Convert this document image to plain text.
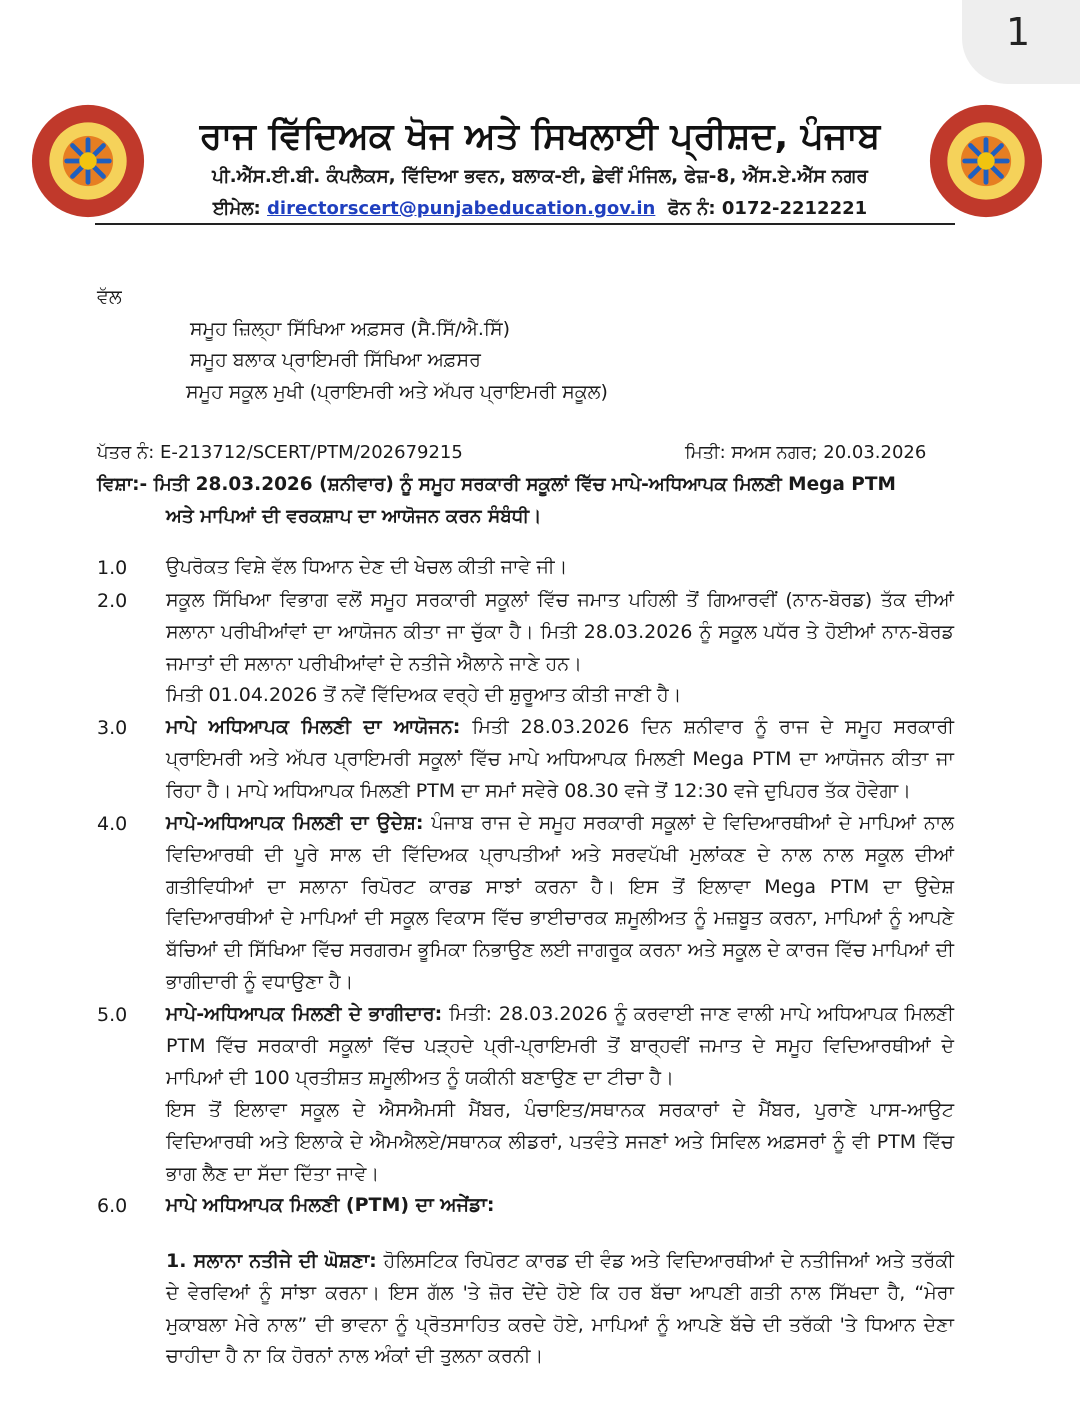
1
ਰਾਜ ਵਿੱਦਿਅਕ ਖੋਜ ਅਤੇ ਸਿਖਲਾਈ ਪ੍ਰੀਸ਼ਦ, ਪੰਜਾਬ
ਪੀ.ਐੱਸ.ਈ.ਬੀ. ਕੰਪਲੈਕਸ, ਵਿੱਦਿਆ ਭਵਨ, ਬਲਾਕ-ਈ, ਛੇਵੀਂ ਮੰਜਿਲ, ਫੇਜ਼-8, ਐੱਸ.ਏ.ਐੱਸ ਨਗਰ
ਈਮੇਲ: directorscert@punjabeducation.gov.in ਫੋਨ ਨੰ: 0172-2212221
ਵੱਲ
ਸਮੂਹ ਜ਼ਿਲ੍ਹਾ ਸਿੱਖਿਆ ਅਫ਼ਸਰ (ਸੈ.ਸਿੱ/ਐ.ਸਿੱ)
ਸਮੂਹ ਬਲਾਕ ਪ੍ਰਾਇਮਰੀ ਸਿੱਖਿਆ ਅਫ਼ਸਰ
ਸਮੂਹ ਸਕੂਲ ਮੁਖੀ (ਪ੍ਰਾਇਮਰੀ ਅਤੇ ਅੱਪਰ ਪ੍ਰਾਇਮਰੀ ਸਕੂਲ)
ਪੱਤਰ ਨੰ: E-213712/SCERT/PTM/202679215	ਮਿਤੀ: ਸਅਸ ਨਗਰ; 20.03.2026
ਵਿਸ਼ਾ:- ਮਿਤੀ 28.03.2026 (ਸ਼ਨੀਵਾਰ) ਨੂੰ ਸਮੂਹ ਸਰਕਾਰੀ ਸਕੂਲਾਂ ਵਿੱਚ ਮਾਪੇ-ਅਧਿਆਪਕ ਮਿਲਣੀ Mega PTM
ਅਤੇ ਮਾਪਿਆਂ ਦੀ ਵਰਕਸ਼ਾਪ ਦਾ ਆਯੋਜਨ ਕਰਨ ਸੰਬੰਧੀ।
1.0 ਉਪਰੋਕਤ ਵਿਸ਼ੇ ਵੱਲ ਧਿਆਨ ਦੇਣ ਦੀ ਖੇਚਲ ਕੀਤੀ ਜਾਵੇ ਜੀ।
2.0 ਸਕੂਲ ਸਿੱਖਿਆ ਵਿਭਾਗ ਵਲੋਂ ਸਮੂਹ ਸਰਕਾਰੀ ਸਕੂਲਾਂ ਵਿੱਚ ਜਮਾਤ ਪਹਿਲੀ ਤੋਂ ਗਿਆਰਵੀਂ (ਨਾਨ-ਬੋਰਡ) ਤੱਕ ਦੀਆਂ ਸਲਾਨਾ ਪਰੀਖੀਆਂਵਾਂ ਦਾ ਆਯੋਜਨ ਕੀਤਾ ਜਾ ਚੁੱਕਾ ਹੈ। ਮਿਤੀ 28.03.2026 ਨੂੰ ਸਕੂਲ ਪਧੱਰ ਤੇ ਹੋਈਆਂ ਨਾਨ-ਬੋਰਡ ਜਮਾਤਾਂ ਦੀ ਸਲਾਨਾ ਪਰੀਖੀਆਂਵਾਂ ਦੇ ਨਤੀਜੇ ਐਲਾਨੇ ਜਾਣੇ ਹਨ।
ਮਿਤੀ 01.04.2026 ਤੋਂ ਨਵੇਂ ਵਿੱਦਿਅਕ ਵਰ੍ਹੇ ਦੀ ਸ਼ੁਰੂਆਤ ਕੀਤੀ ਜਾਣੀ ਹੈ।
3.0 ਮਾਪੇ ਅਧਿਆਪਕ ਮਿਲਣੀ ਦਾ ਆਯੋਜਨ: ਮਿਤੀ 28.03.2026 ਦਿਨ ਸ਼ਨੀਵਾਰ ਨੂੰ ਰਾਜ ਦੇ ਸਮੂਹ ਸਰਕਾਰੀ ਪ੍ਰਾਇਮਰੀ ਅਤੇ ਅੱਪਰ ਪ੍ਰਾਇਮਰੀ ਸਕੂਲਾਂ ਵਿੱਚ ਮਾਪੇ ਅਧਿਆਪਕ ਮਿਲਣੀ Mega PTM ਦਾ ਆਯੋਜਨ ਕੀਤਾ ਜਾ ਰਿਹਾ ਹੈ। ਮਾਪੇ ਅਧਿਆਪਕ ਮਿਲਣੀ PTM ਦਾ ਸਮਾਂ ਸਵੇਰੇ 08.30 ਵਜੇ ਤੋਂ 12:30 ਵਜੇ ਦੁਪਿਹਰ ਤੱਕ ਹੋਵੇਗਾ।
4.0 ਮਾਪੇ-ਅਧਿਆਪਕ ਮਿਲਣੀ ਦਾ ਉਦੇਸ਼: ਪੰਜਾਬ ਰਾਜ ਦੇ ਸਮੂਹ ਸਰਕਾਰੀ ਸਕੂਲਾਂ ਦੇ ਵਿਦਿਆਰਥੀਆਂ ਦੇ ਮਾਪਿਆਂ ਨਾਲ ਵਿਦਿਆਰਥੀ ਦੀ ਪੂਰੇ ਸਾਲ ਦੀ ਵਿੱਦਿਅਕ ਪ੍ਰਾਪਤੀਆਂ ਅਤੇ ਸਰਵਪੱਖੀ ਮੁਲਾਂਕਣ ਦੇ ਨਾਲ ਨਾਲ ਸਕੂਲ ਦੀਆਂ ਗਤੀਵਿਧੀਆਂ ਦਾ ਸਲਾਨਾ ਰਿਪੋਰਟ ਕਾਰਡ ਸਾਝਾਂ ਕਰਨਾ ਹੈ। ਇਸ ਤੋਂ ਇਲਾਵਾ Mega PTM ਦਾ ਉਦੇਸ਼ ਵਿਦਿਆਰਥੀਆਂ ਦੇ ਮਾਪਿਆਂ ਦੀ ਸਕੂਲ ਵਿਕਾਸ ਵਿੱਚ ਭਾਈਚਾਰਕ ਸ਼ਮੂਲੀਅਤ ਨੂੰ ਮਜ਼ਬੂਤ ਕਰਨਾ, ਮਾਪਿਆਂ ਨੂੰ ਆਪਣੇ ਬੱਚਿਆਂ ਦੀ ਸਿੱਖਿਆ ਵਿੱਚ ਸਰਗਰਮ ਭੂਮਿਕਾ ਨਿਭਾਉਣ ਲਈ ਜਾਗਰੂਕ ਕਰਨਾ ਅਤੇ ਸਕੂਲ ਦੇ ਕਾਰਜ ਵਿੱਚ ਮਾਪਿਆਂ ਦੀ ਭਾਗੀਦਾਰੀ ਨੂੰ ਵਧਾਉਣਾ ਹੈ।
5.0 ਮਾਪੇ-ਅਧਿਆਪਕ ਮਿਲਣੀ ਦੇ ਭਾਗੀਦਾਰ: ਮਿਤੀ: 28.03.2026 ਨੂੰ ਕਰਵਾਈ ਜਾਣ ਵਾਲੀ ਮਾਪੇ ਅਧਿਆਪਕ ਮਿਲਣੀ PTM ਵਿੱਚ ਸਰਕਾਰੀ ਸਕੂਲਾਂ ਵਿੱਚ ਪੜ੍ਹਦੇ ਪ੍ਰੀ-ਪ੍ਰਾਇਮਰੀ ਤੋਂ ਬਾਰ੍ਹਵੀਂ ਜਮਾਤ ਦੇ ਸਮੂਹ ਵਿਦਿਆਰਥੀਆਂ ਦੇ ਮਾਪਿਆਂ ਦੀ 100 ਪ੍ਰਤੀਸ਼ਤ ਸ਼ਮੂਲੀਅਤ ਨੂੰ ਯਕੀਨੀ ਬਣਾਉਣ ਦਾ ਟੀਚਾ ਹੈ।
ਇਸ ਤੋਂ ਇਲਾਵਾ ਸਕੂਲ ਦੇ ਐਸਐਮਸੀ ਮੈਂਬਰ, ਪੰਚਾਇਤ/ਸਥਾਨਕ ਸਰਕਾਰਾਂ ਦੇ ਮੈਂਬਰ, ਪੁਰਾਣੇ ਪਾਸ-ਆਉਟ ਵਿਦਿਆਰਥੀ ਅਤੇ ਇਲਾਕੇ ਦੇ ਐਮਐਲਏ/ਸਥਾਨਕ ਲੀਡਰਾਂ, ਪਤਵੰਤੇ ਸਜਣਾਂ ਅਤੇ ਸਿਵਿਲ ਅਫ਼ਸਰਾਂ ਨੂੰ ਵੀ PTM ਵਿੱਚ ਭਾਗ ਲੈਣ ਦਾ ਸੱਦਾ ਦਿੱਤਾ ਜਾਵੇ।
6.0 ਮਾਪੇ ਅਧਿਆਪਕ ਮਿਲਣੀ (PTM) ਦਾ ਅਜੇਂਡਾ:
1. ਸਲਾਨਾ ਨਤੀਜੇ ਦੀ ਘੋਸ਼ਣਾ: ਹੋਲਿਸਟਿਕ ਰਿਪੋਰਟ ਕਾਰਡ ਦੀ ਵੰਡ ਅਤੇ ਵਿਦਿਆਰਥੀਆਂ ਦੇ ਨਤੀਜਿਆਂ ਅਤੇ ਤਰੱਕੀ ਦੇ ਵੇਰਵਿਆਂ ਨੂੰ ਸਾਂਝਾ ਕਰਨਾ। ਇਸ ਗੱਲ 'ਤੇ ਜ਼ੋਰ ਦੇਂਦੇ ਹੋਏ ਕਿ ਹਰ ਬੱਚਾ ਆਪਣੀ ਗਤੀ ਨਾਲ ਸਿੱਖਦਾ ਹੈ, “ਮੇਰਾ ਮੁਕਾਬਲਾ ਮੇਰੇ ਨਾਲ” ਦੀ ਭਾਵਨਾ ਨੂੰ ਪ੍ਰੋਤਸਾਹਿਤ ਕਰਦੇ ਹੋਏ, ਮਾਪਿਆਂ ਨੂੰ ਆਪਣੇ ਬੱਚੇ ਦੀ ਤਰੱਕੀ 'ਤੇ ਧਿਆਨ ਦੇਣਾ ਚਾਹੀਦਾ ਹੈ ਨਾ ਕਿ ਹੋਰਨਾਂ ਨਾਲ ਅੰਕਾਂ ਦੀ ਤੁਲਨਾ ਕਰਨੀ।
